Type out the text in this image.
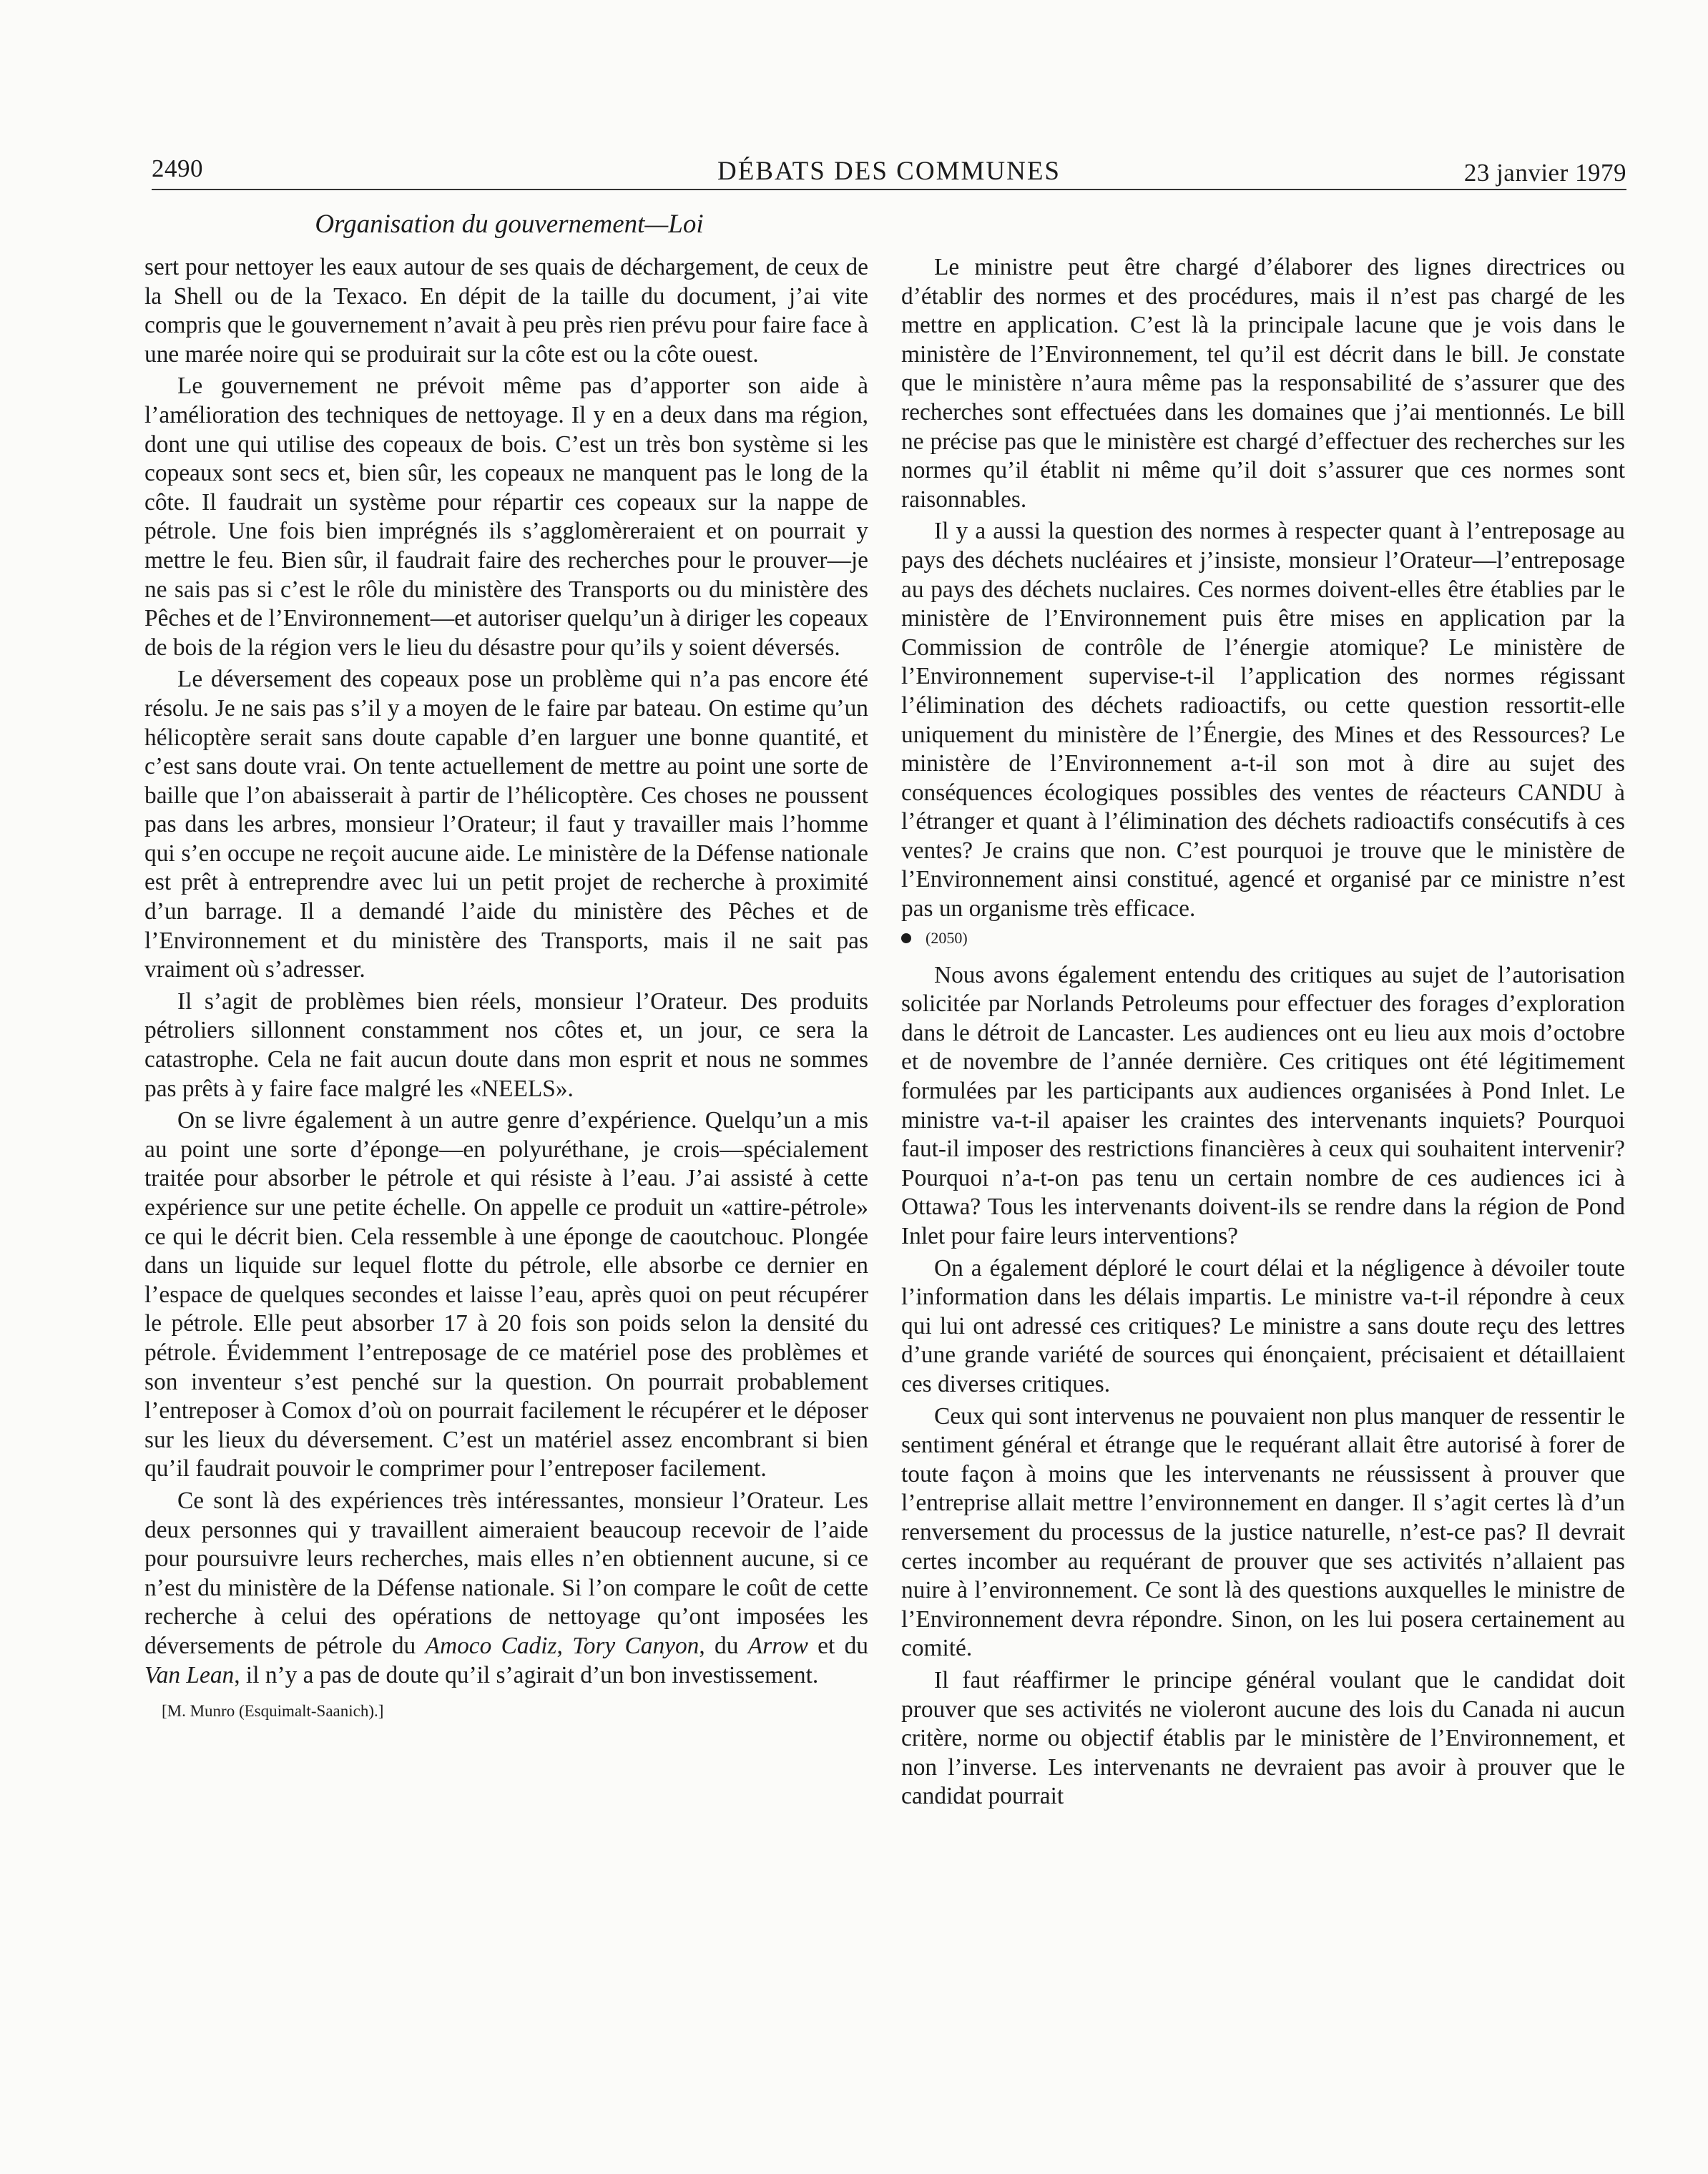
2490	DÉBATS DES COMMUNES	23 janvier 1979
Organisation du gouvernement—Loi

sert pour nettoyer les eaux autour de ses quais de déchargement, de ceux de la Shell ou de la Texaco. En dépit de la taille du document, j’ai vite compris que le gouvernement n’avait à peu près rien prévu pour faire face à une marée noire qui se produirait sur la côte est ou la côte ouest.

Le gouvernement ne prévoit même pas d’apporter son aide à l’amélioration des techniques de nettoyage. Il y en a deux dans ma région, dont une qui utilise des copeaux de bois. C’est un très bon système si les copeaux sont secs et, bien sûr, les copeaux ne manquent pas le long de la côte. Il faudrait un système pour répartir ces copeaux sur la nappe de pétrole. Une fois bien imprégnés ils s’agglomèreraient et on pourrait y mettre le feu. Bien sûr, il faudrait faire des recherches pour le prouver—je ne sais pas si c’est le rôle du ministère des Transports ou du ministère des Pêches et de l’Environnement—et autoriser quelqu’un à diriger les copeaux de bois de la région vers le lieu du désastre pour qu’ils y soient déversés.

Le déversement des copeaux pose un problème qui n’a pas encore été résolu. Je ne sais pas s’il y a moyen de le faire par bateau. On estime qu’un hélicoptère serait sans doute capable d’en larguer une bonne quantité, et c’est sans doute vrai. On tente actuellement de mettre au point une sorte de baille que l’on abaisserait à partir de l’hélicoptère. Ces choses ne poussent pas dans les arbres, monsieur l’Orateur; il faut y travailler mais l’homme qui s’en occupe ne reçoit aucune aide. Le ministère de la Défense nationale est prêt à entreprendre avec lui un petit projet de recherche à proximité d’un barrage. Il a demandé l’aide du ministère des Pêches et de l’Environnement et du ministère des Transports, mais il ne sait pas vraiment où s’adresser.

Il s’agit de problèmes bien réels, monsieur l’Orateur. Des produits pétroliers sillonnent constamment nos côtes et, un jour, ce sera la catastrophe. Cela ne fait aucun doute dans mon esprit et nous ne sommes pas prêts à y faire face malgré les «NEELS».

On se livre également à un autre genre d’expérience. Quelqu’un a mis au point une sorte d’éponge—en polyuréthane, je crois—spécialement traitée pour absorber le pétrole et qui résiste à l’eau. J’ai assisté à cette expérience sur une petite échelle. On appelle ce produit un «attire-pétrole» ce qui le décrit bien. Cela ressemble à une éponge de caoutchouc. Plongée dans un liquide sur lequel flotte du pétrole, elle absorbe ce dernier en l’espace de quelques secondes et laisse l’eau, après quoi on peut récupérer le pétrole. Elle peut absorber 17 à 20 fois son poids selon la densité du pétrole. Évidemment l’entreposage de ce matériel pose des problèmes et son inventeur s’est penché sur la question. On pourrait probablement l’entreposer à Comox d’où on pourrait facilement le récupérer et le déposer sur les lieux du déversement. C’est un matériel assez encombrant si bien qu’il faudrait pouvoir le comprimer pour l’entreposer facilement.

Ce sont là des expériences très intéressantes, monsieur l’Orateur. Les deux personnes qui y travaillent aimeraient beaucoup recevoir de l’aide pour poursuivre leurs recherches, mais elles n’en obtiennent aucune, si ce n’est du ministère de la Défense nationale. Si l’on compare le coût de cette recherche à celui des opérations de nettoyage qu’ont imposées les déversements de pétrole du Amoco Cadiz, Tory Canyon, du Arrow et du Van Lean, il n’y a pas de doute qu’il s’agirait d’un bon investissement.

[M. Munro (Esquimalt-Saanich).]

Le ministre peut être chargé d’élaborer des lignes directrices ou d’établir des normes et des procédures, mais il n’est pas chargé de les mettre en application. C’est là la principale lacune que je vois dans le ministère de l’Environnement, tel qu’il est décrit dans le bill. Je constate que le ministère n’aura même pas la responsabilité de s’assurer que des recherches sont effectuées dans les domaines que j’ai mentionnés. Le bill ne précise pas que le ministère est chargé d’effectuer des recherches sur les normes qu’il établit ni même qu’il doit s’assurer que ces normes sont raisonnables.

Il y a aussi la question des normes à respecter quant à l’entreposage au pays des déchets nucléaires et j’insiste, monsieur l’Orateur—l’entreposage au pays des déchets nuclaires. Ces normes doivent-elles être établies par le ministère de l’Environnement puis être mises en application par la Commission de contrôle de l’énergie atomique? Le ministère de l’Environnement supervise-t-il l’application des normes régissant l’élimination des déchets radioactifs, ou cette question ressortit-elle uniquement du ministère de l’Énergie, des Mines et des Ressources? Le ministère de l’Environnement a-t-il son mot à dire au sujet des conséquences écologiques possibles des ventes de réacteurs CANDU à l’étranger et quant à l’élimination des déchets radioactifs consécutifs à ces ventes? Je crains que non. C’est pourquoi je trouve que le ministère de l’Environnement ainsi constitué, agencé et organisé par ce ministre n’est pas un organisme très efficace.

(2050)

Nous avons également entendu des critiques au sujet de l’autorisation solicitée par Norlands Petroleums pour effectuer des forages d’exploration dans le détroit de Lancaster. Les audiences ont eu lieu aux mois d’octobre et de novembre de l’année dernière. Ces critiques ont été légitimement formulées par les participants aux audiences organisées à Pond Inlet. Le ministre va-t-il apaiser les craintes des intervenants inquiets? Pourquoi faut-il imposer des restrictions financières à ceux qui souhaitent intervenir? Pourquoi n’a-t-on pas tenu un certain nombre de ces audiences ici à Ottawa? Tous les intervenants doivent-ils se rendre dans la région de Pond Inlet pour faire leurs interventions?

On a également déploré le court délai et la négligence à dévoiler toute l’information dans les délais impartis. Le ministre va-t-il répondre à ceux qui lui ont adressé ces critiques? Le ministre a sans doute reçu des lettres d’une grande variété de sources qui énonçaient, précisaient et détaillaient ces diverses critiques.

Ceux qui sont intervenus ne pouvaient non plus manquer de ressentir le sentiment général et étrange que le requérant allait être autorisé à forer de toute façon à moins que les intervenants ne réussissent à prouver que l’entreprise allait mettre l’environnement en danger. Il s’agit certes là d’un renversement du processus de la justice naturelle, n’est-ce pas? Il devrait certes incomber au requérant de prouver que ses activités n’allaient pas nuire à l’environnement. Ce sont là des questions auxquelles le ministre de l’Environnement devra répondre. Sinon, on les lui posera certainement au comité.

Il faut réaffirmer le principe général voulant que le candidat doit prouver que ses activités ne violeront aucune des lois du Canada ni aucun critère, norme ou objectif établis par le ministère de l’Environnement, et non l’inverse. Les intervenants ne devraient pas avoir à prouver que le candidat pourrait
